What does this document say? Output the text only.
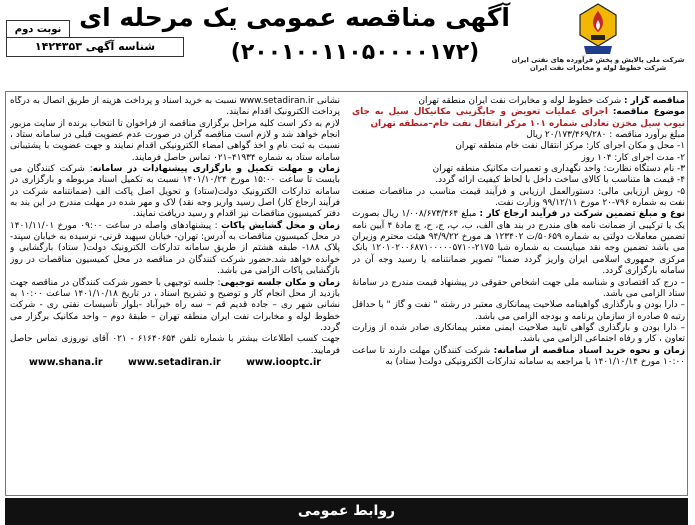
شرکت ملی پالایش و پخش فرآورده های نفتی ایران
شرکت خطوط لوله و مخابرات نفت ایران
آگهی مناقصه عمومی یک مرحله ای
(۲۰۰۱۰۰۱۱۰۵۰۰۰۰۱۷۲)
نوبت دوم
شناسه آگهی ۱۴۲۴۳۵۳

مناقصه گزار : شرکت خطوط لوله و مخابرات نفت ایران منطقه تهران

موضوع مناقصه: اجرای عملیات تعویض و جایگزینی مکانیکال سیل به جای تیوب سیل مخزن تعادلی شماره ۱۰۱ مرکز انتقال نفت خام–منطقه تهران

مبلغ برآورد مناقصه : ۲۰/۱۷۳/۴۶۹/۲۸۰ ریال

۱- محل و مکان اجرای کار: مرکز انتقال نفت خام منطقه تهران

۲- مدت اجرای کار: ۱۰۴ روز

۳- نام دستگاه نظارت: واحد نگهداری و تعمیرات مکانیک منطقه تهران

۴- قیمت ها متناسب با کالای ساخت داخل با لحاظ کیفیت ارائه گردد.

۵- روش ارزیابی مالی: دستورالعمل ارزیابی و فرآیند قیمت مناسب در مناقصات صنعت نفت به شماره ۷۹۶-۲۰ مورخ ۹۹/۱۲/۱۱ وزارت نفت.

نوع و مبلغ تضمین شرکت در فرآیند ارجاع کار : مبلغ ۱/۰۰۸/۶۷۳/۴۶۴ ریال بصورت یک یا ترکیبی از ضمانت نامه های مندرج در بند های الف، ب، پ، ج، ح، چ مادهٔ ۴ آیین نامه تضمین معاملات دولتی به شماره ۵۰۶۵۹/ت ۱۲۳۴۰۲ هـ مورخ ۹۴/۹/۲۲ هیئت محترم وزیران می باشد تضمین وجه نقد میبایست به شماره شبا ۲۱۷۵-۱۲۰۱۰۲۰۰۶۸۷۱۰۰۰۰۰۵۷۱۰ بانک مرکزی جمهوری اسلامی ایران واریز گردد ضمنا" تصویر ضمانتنامه یا رسید وجه آن در سامانه بارگزاری گردد.

– درج کد اقتصادی و شناسه ملی جهت اشخاص حقوقی در پیشنهاد قیمت مندرج در سامانهٔ ستاد الزامی می باشد.

– دارا بودن و بارگذاری گواهینامه صلاحیت پیمانکاری معتبر در رشته " نفت و گاز " با حداقل رتبه ۵ صادره از سازمان برنامه و بودجه الزامی می باشد.

– دارا بودن و بارگذاری گواهی تایید صلاحیت ایمنی معتبر پیمانکاری صادر شده از وزارت تعاون ، کار و رفاه اجتماعی الزامی می باشد.

زمان و نحوه خرید اسناد مناقصه از سامانه: شرکت کنندگان مهلت دارند تا ساعت ۱۰:۰۰ مورخ ۱۴۰۱/۱۰/۱۴ با مراجعه به سامانه تدارکات الکترونیکی دولت( ستاد) به

نشانی www.setadiran.ir نسبت به خرید اسناد و پرداخت هزینه از طریق اتصال به درگاه پرداخت الکترونیک اقدام نمایند.

لازم به ذکر است کلیه مراحل برگزاری مناقصه از فراخوان تا انتخاب برنده از سایت مزبور انجام خواهد شد و لازم است مناقصه گران در صورت عدم عضویت قبلی در سامانه ستاد ، نسبت به ثبت نام و اخذ گواهی امضاء الکترونیکی اقدام نمایند و جهت عضویت با پشتیبانی سامانه ستاد به شماره ۴۱۹۳۴–۰۲۱ تماس حاصل فرمایند.

زمان و مهلت تکمیل و بارگزاری پیشنهادات در سامانه: شرکت کنندگان می بایست تا ساعت ۱۵:۰۰ مورخ ۱۴۰۱/۱۰/۲۴ نسبت به تکمیل اسناد مربوطه و بارگزاری در سامانه تدارکات الکترونیک دولت(ستاد) و تحویل اصل پاکت الف (ضمانتنامه شرکت در فرآیند ارجاع کار) اصل رسید واریز وجه نقد) لاک و مهر شده در مهلت مندرج در این بند به دفتر کمیسیون مناقصات نیز اقدام و رسید دریافت نمایند.

زمان و محل گشایش پاکات : پیشنهادهای واصله در ساعت ۰۹:۰۰ مورخ ۱۴۰۱/۱۱/۰۱ در محل کمیسیون مناقصات به آدرس: تهران- خیابان سپهبد قرنی- نرسیده به خیابان سپند- پلاک ۱۸۸- طبقه هشتم از طریق سامانه تدارکات الکترونیک دولت( ستاد) بارگشایی و خوانده خواهد شد.حضور شرکت کنندگان در مناقصه در محل کمیسیون مناقصات در روز بازگشایی پاکات الزامی می باشد.

زمان و مکان جلسه توجیهی: جلسه توجیهی با حضور شرکت کنندگان در مناقصه جهت بازدید از محل انجام کار و توضیح و تشریح اسناد ، در تاریخ ۱۴۰۱/۱۰/۱۸ ساعت ۱۰:۰۰ به نشانی شهر ری – جاده قدیم قم – سه راه خیرآباد -بلوار تأسیسات نفتی ری - شرکت خطوط لوله و مخابرات نفت ایران منطقه تهران – طبقهٔ دوم – واحد مکانیک برگزار می گردد.

جهت کسب اطلاعات بیشتر با شماره تلفن ۶۱۶۴۰۶۵۴ - ۰۲۱ آقای نوروزی تماس حاصل فرمایید.

www.shana.ir www.setadiran.ir www.iooptc.ir

روابط عمومی
